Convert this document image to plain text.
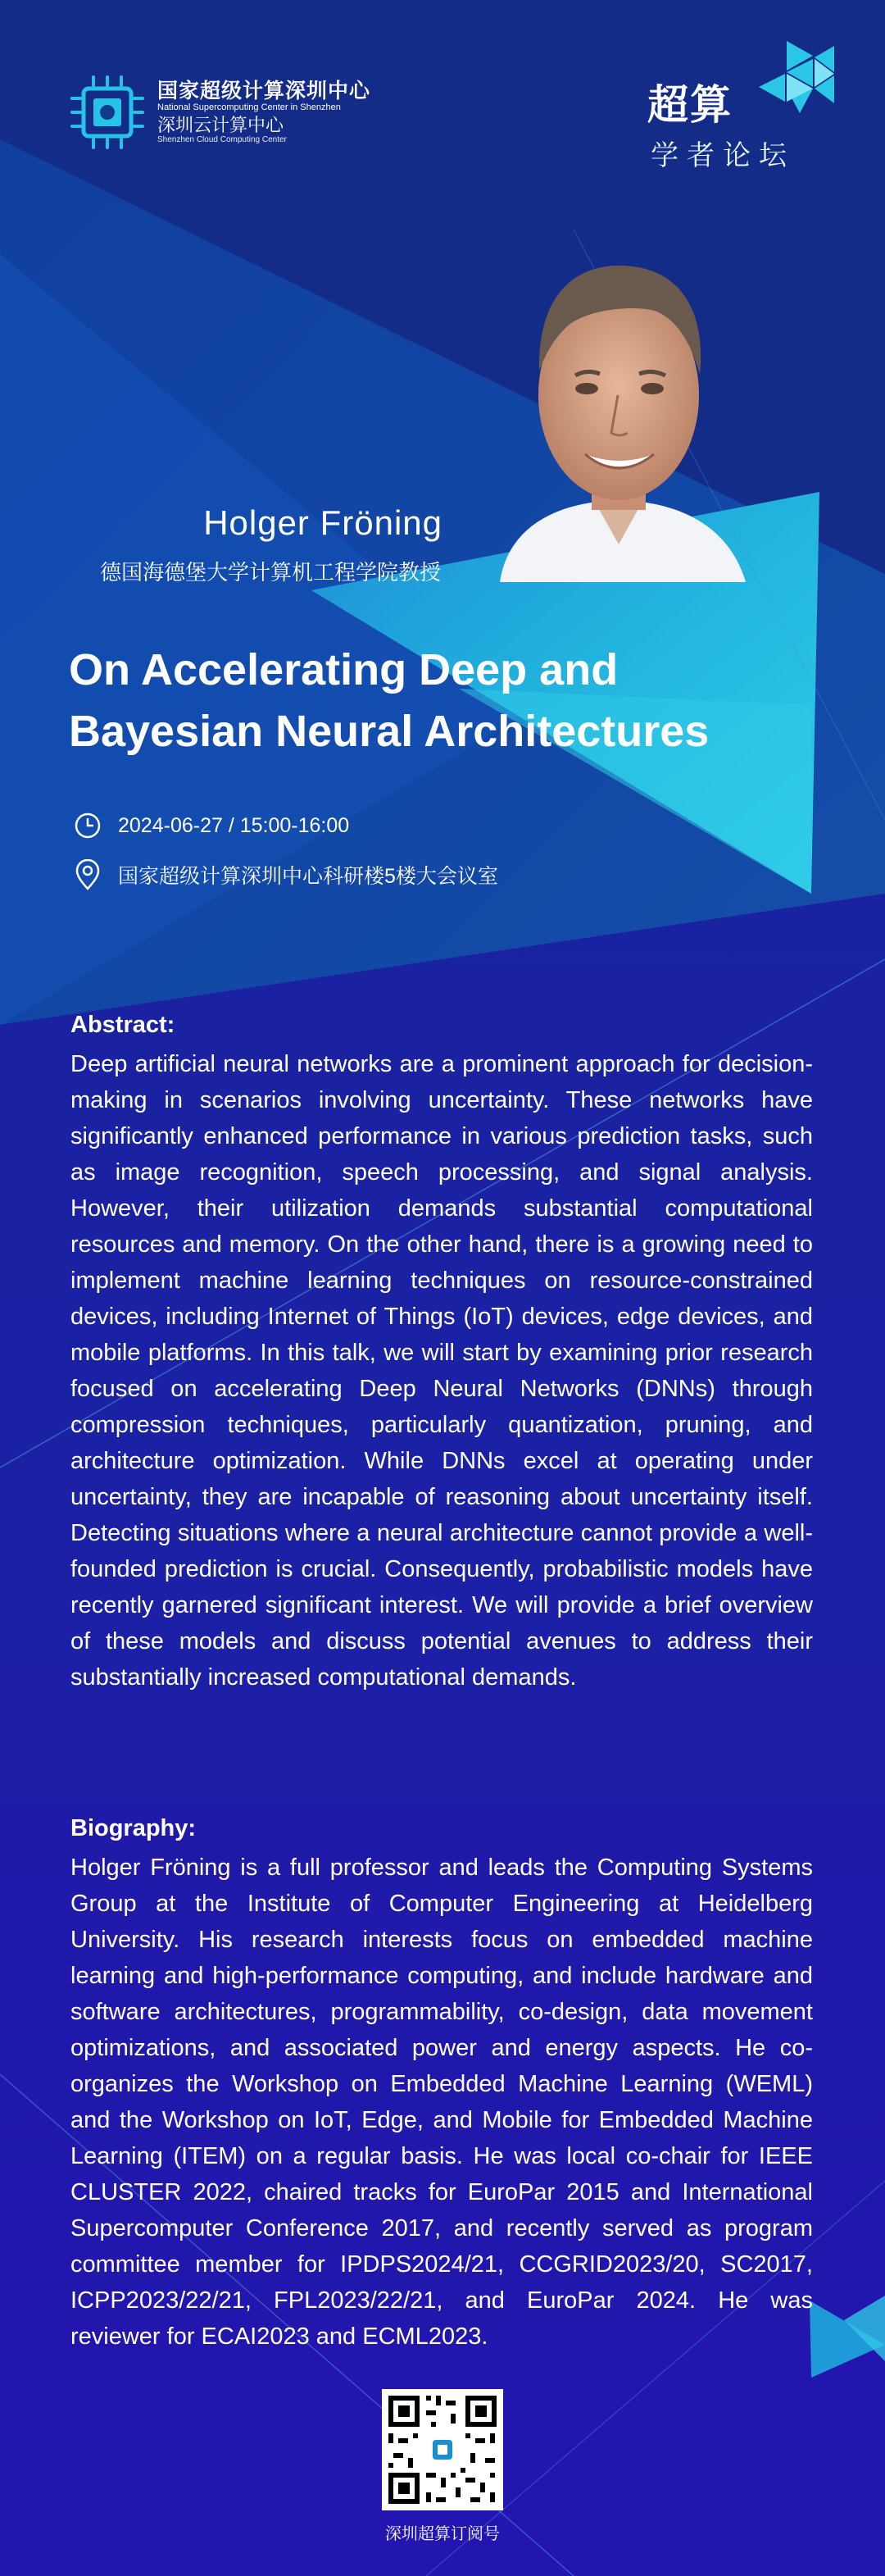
国家超级计算深圳中心
National Supercomputing Center in Shenzhen
深圳云计算中心
Shenzhen Cloud Computing Center
超算
学者论坛
Holger Fröning
德国海德堡大学计算机工程学院教授
On Accelerating Deep and
Bayesian Neural Architectures
2024-06-27 / 15:00-16:00
国家超级计算深圳中心科研楼5楼大会议室
Abstract:
Deep artificial neural networks are a prominent approach for decision-making in scenarios involving uncertainty. These networks have significantly enhanced performance in various prediction tasks, such as image recognition, speech processing, and signal analysis. However, their utilization demands substantial computational resources and memory. On the other hand, there is a growing need to implement machine learning techniques on resource-constrained devices, including Internet of Things (IoT) devices, edge devices, and mobile platforms. In this talk, we will start by examining prior research focused on accelerating Deep Neural Networks (DNNs) through compression techniques, particularly quantization, pruning, and architecture optimization. While DNNs excel at operating under uncertainty, they are incapable of reasoning about uncertainty itself. Detecting situations where a neural architecture cannot provide a well-founded prediction is crucial. Consequently, probabilistic models have recently garnered significant interest. We will provide a brief overview of these models and discuss potential avenues to address their substantially increased computational demands.
Biography:
Holger Fröning is a full professor and leads the Computing Systems Group at the Institute of Computer Engineering at Heidelberg University. His research interests focus on embedded machine learning and high-performance computing, and include hardware and software architectures, programmability, co-design, data movement optimizations, and associated power and energy aspects. He co-organizes the Workshop on Embedded Machine Learning (WEML) and the Workshop on IoT, Edge, and Mobile for Embedded Machine Learning (ITEM) on a regular basis. He was local co-chair for IEEE CLUSTER 2022, chaired tracks for EuroPar 2015 and International Supercomputer Conference 2017, and recently served as program committee member for IPDPS2024/21, CCGRID2023/20, SC2017, ICPP2023/22/21, FPL2023/22/21, and EuroPar 2024. He was reviewer for ECAI2023 and ECML2023.
深圳超算订阅号
